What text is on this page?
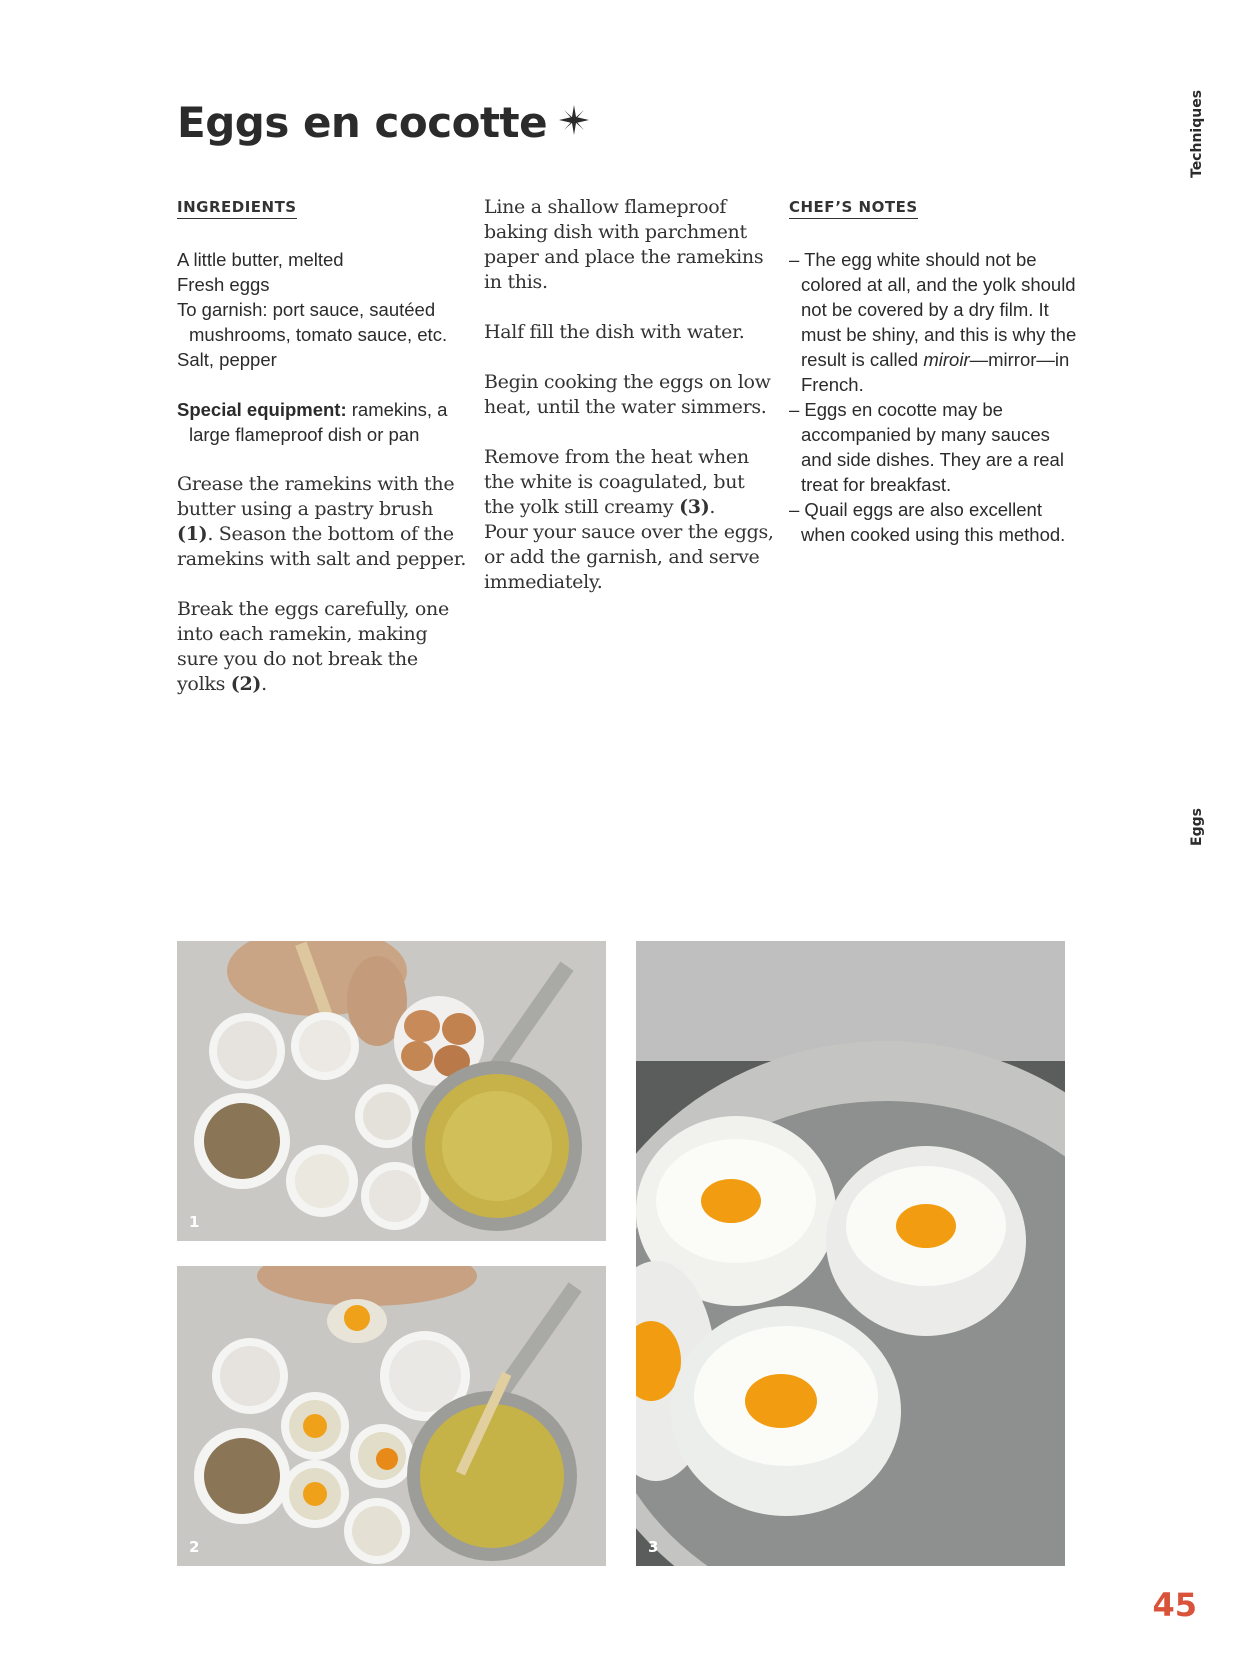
Eggs en cocotte
INGREDIENTS
A little butter, melted
Fresh eggs
To garnish: port sauce, sautéed
mushrooms, tomato sauce, etc.
Salt, pepper
Special equipment: ramekins, a
large flameproof dish or pan

Grease the ramekins with the butter using a pastry brush (1). Season the bottom of the ramekins with salt and pepper.

Break the eggs carefully, one into each ramekin, making sure you do not break the yolks (2).

Line a shallow flameproof baking dish with parchment paper and place the ramekins in this.

Half fill the dish with water.

Begin cooking the eggs on low heat, until the water simmers.

Remove from the heat when the white is coagulated, but the yolk still creamy (3).

Pour your sauce over the eggs, or add the garnish, and serve immediately.

CHEF’S NOTES
– The egg white should not be colored at all, and the yolk should not be covered by a dry film. It must be shiny, and this is why the result is called miroir—mirror—in French.
– Eggs en cocotte may be accompanied by many sauces and side dishes. They are a real treat for breakfast.
– Quail eggs are also excellent when cooked using this method.
Techniques
Eggs
1
2	3
45
